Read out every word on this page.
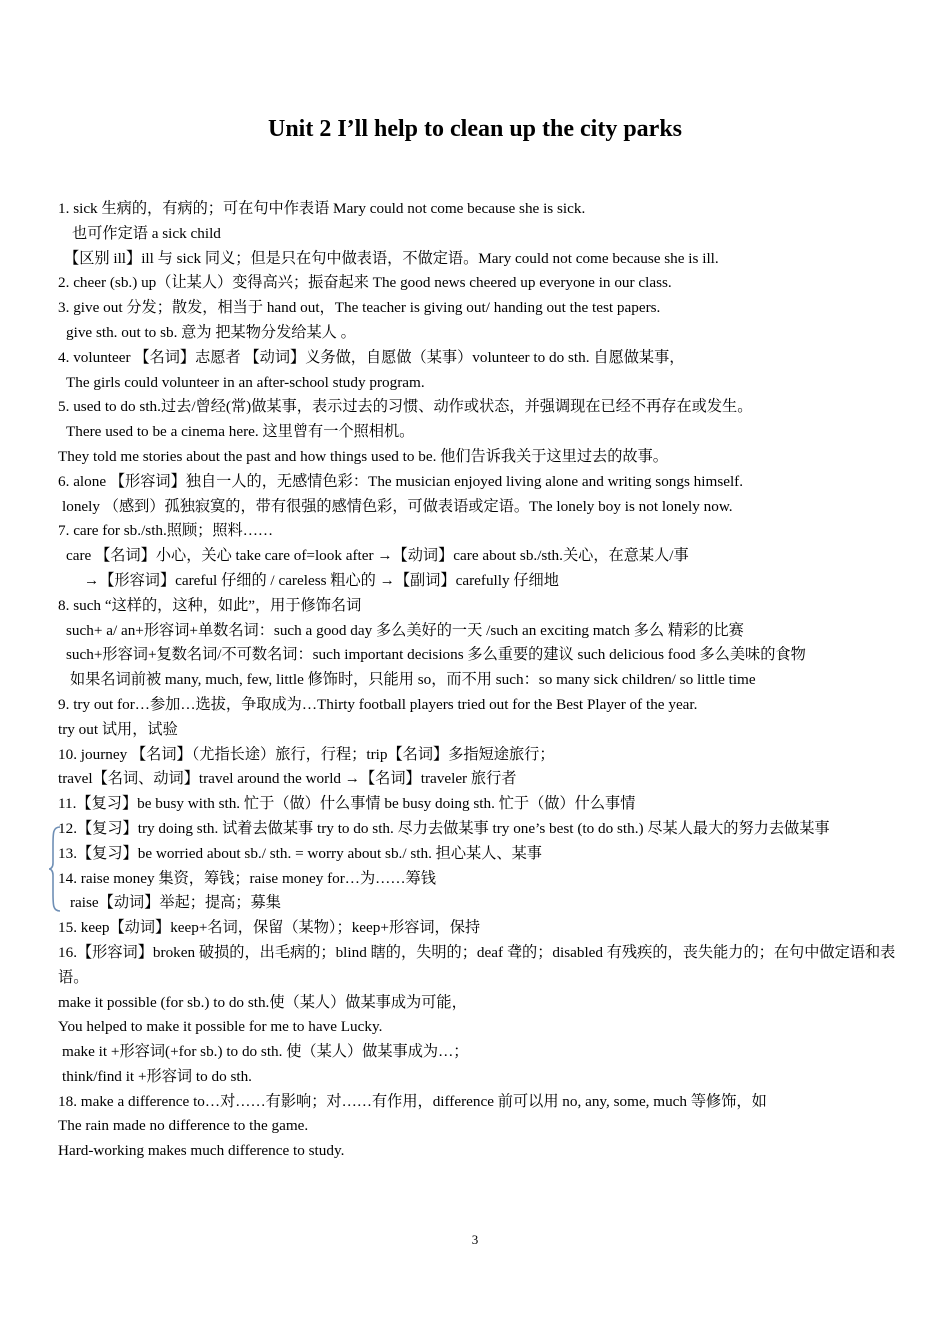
Unit 2 I’ll help to clean up the city parks
1. sick 生病的，有病的；可在句中作表语 Mary could not come because she is sick.
也可作定语 a sick child
【区别 ill】ill 与 sick 同义；但是只在句中做表语，不做定语。Mary could not come because she is ill.
2. cheer (sb.) up（让某人）变得高兴；振奋起来 The good news cheered up everyone in our class.
3. give out 分发；散发，相当于 hand out，The teacher is giving out/ handing out the test papers.
give sth. out to sb. 意为 把某物分发给某人 。
4. volunteer 【名词】志愿者 【动词】义务做，自愿做（某事）volunteer to do sth. 自愿做某事，
The girls could volunteer in an after-school study program.
5. used to do sth.过去/曾经(常)做某事，表示过去的习惯、动作或状态，并强调现在已经不再存在或发生。
There used to be a cinema here. 这里曾有一个照相机。
They told me stories about the past and how things used to be. 他们告诉我关于这里过去的故事。
6. alone 【形容词】独自一人的，无感情色彩：The musician enjoyed living alone and writing songs himself.
lonely （感到）孤独寂寞的，带有很强的感情色彩，可做表语或定语。The lonely boy is not lonely now.
7. care for sb./sth.照顾；照料……
care 【名词】小心，关心 take care of=look after →【动词】care about sb./sth.关心，在意某人/事
→【形容词】careful 仔细的 / careless 粗心的 →【副词】carefully 仔细地
8. such “这样的，这种，如此”，用于修饰名词
such+ a/ an+形容词+单数名词：such a good day 多么美好的一天 /such an exciting match 多么 精彩的比赛
such+形容词+复数名词/不可数名词：such important decisions 多么重要的建议 such delicious food 多么美味的食物
如果名词前被 many, much, few, little 修饰时，只能用 so，而不用 such：so many sick children/ so little time
9. try out for…参加…选拔，争取成为…Thirty football players tried out for the Best Player of the year.
try out 试用，试验
10. journey 【名词】（尤指长途）旅行，行程；trip【名词】多指短途旅行；
travel【名词、动词】travel around the world →【名词】traveler 旅行者
11.【复习】be busy with sth. 忙于（做）什么事情 be busy doing sth. 忙于（做）什么事情
12.【复习】try doing sth. 试着去做某事 try to do sth. 尽力去做某事 try one’s best (to do sth.) 尽某人最大的努力去做某事
13.【复习】be worried about sb./ sth. = worry about sb./ sth. 担心某人、某事
14. raise money 集资，筹钱；raise money for…为……筹钱
raise【动词】举起；提高；募集
15. keep【动词】keep+名词，保留（某物）；keep+形容词，保持
16.【形容词】broken 破损的，出毛病的；blind 瞎的，失明的；deaf 聋的；disabled 有残疾的，丧失能力的；在句中做定语和表语。
make it possible (for sb.) to do sth.使（某人）做某事成为可能，
You helped to make it possible for me to have Lucky.
make it +形容词(+for sb.) to do sth. 使（某人）做某事成为…；
think/find it +形容词 to do sth.
18. make a difference to…对……有影响；对……有作用，difference 前可以用 no, any, some, much 等修饰，如
The rain made no difference to the game.
Hard-working makes much difference to study.
3
